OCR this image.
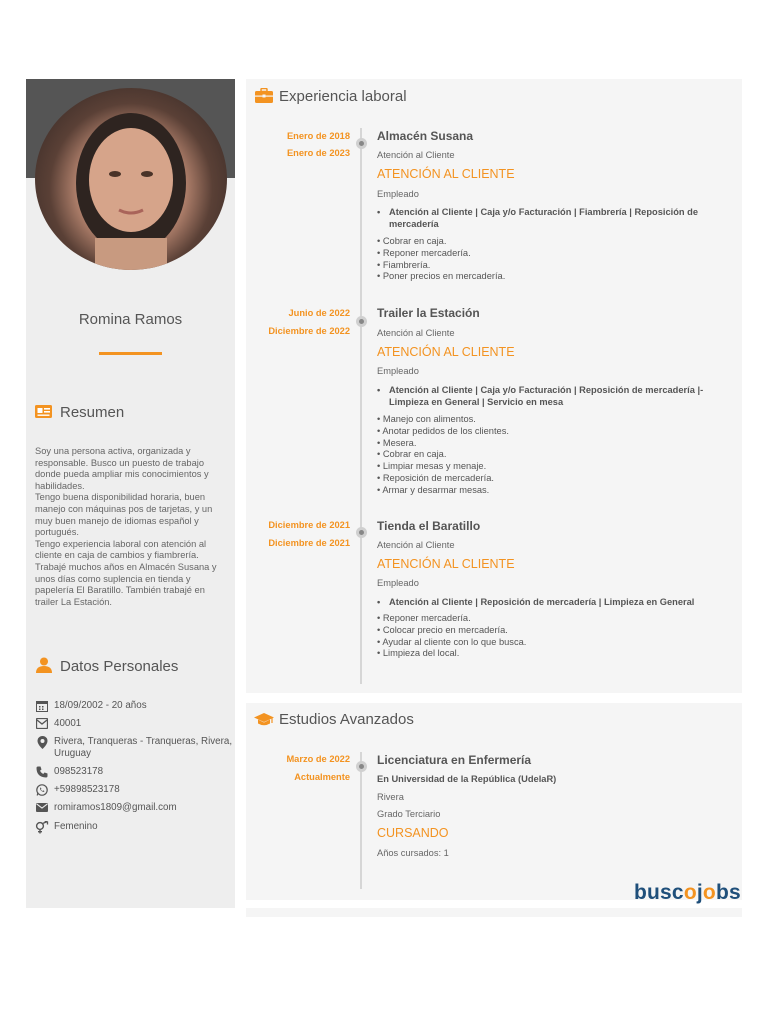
Romina Ramos
Resumen
Soy una persona activa, organizada y responsable. Busco un puesto de trabajo donde pueda ampliar mis conocimientos y habilidades.
Tengo buena disponibilidad horaria, buen manejo con máquinas pos de tarjetas, y un muy buen manejo de idiomas español y portugués.
Tengo experiencia laboral con atención al cliente en caja de cambios y fiambrería. Trabajé muchos años en Almacén Susana y unos días como suplencia en tienda y papelería El Baratillo. También trabajé en trailer La Estación.
Datos Personales
18/09/2002 - 20 años
40001
Rivera, Tranqueras - Tranqueras, Rivera, Uruguay
098523178
+59898523178
romiramos1809@gmail.com
Femenino
Experiencia laboral
Enero de 2018
Enero de 2023
Almacén Susana
Atención al Cliente
ATENCIÓN AL CLIENTE
Empleado
• Atención al Cliente | Caja y/o Facturación | Fiambrería | Reposición de mercadería
• Cobrar en caja.
• Reponer mercadería.
• Fiambrería.
• Poner precios en mercadería.
Junio de 2022
Diciembre de 2022
Trailer la Estación
Atención al Cliente
ATENCIÓN AL CLIENTE
Empleado
• Atención al Cliente | Caja y/o Facturación | Reposición de mercadería |- Limpieza en General | Servicio en mesa
• Manejo con alimentos.
• Anotar pedidos de los clientes.
• Mesera.
• Cobrar en caja.
• Limpiar mesas y menaje.
• Reposición de mercadería.
• Armar y desarmar mesas.
Diciembre de 2021
Diciembre de 2021
Tienda el Baratillo
Atención al Cliente
ATENCIÓN AL CLIENTE
Empleado
• Atención al Cliente | Reposición de mercadería | Limpieza en General
• Reponer mercadería.
• Colocar precio en mercadería.
• Ayudar al cliente con lo que busca.
• Limpieza del local.
Estudios Avanzados
Marzo de 2022
Actualmente
Licenciatura en Enfermería
En Universidad de la República (UdelaR)
Rivera
Grado Terciario
CURSANDO
Años cursados: 1
buscojobs
